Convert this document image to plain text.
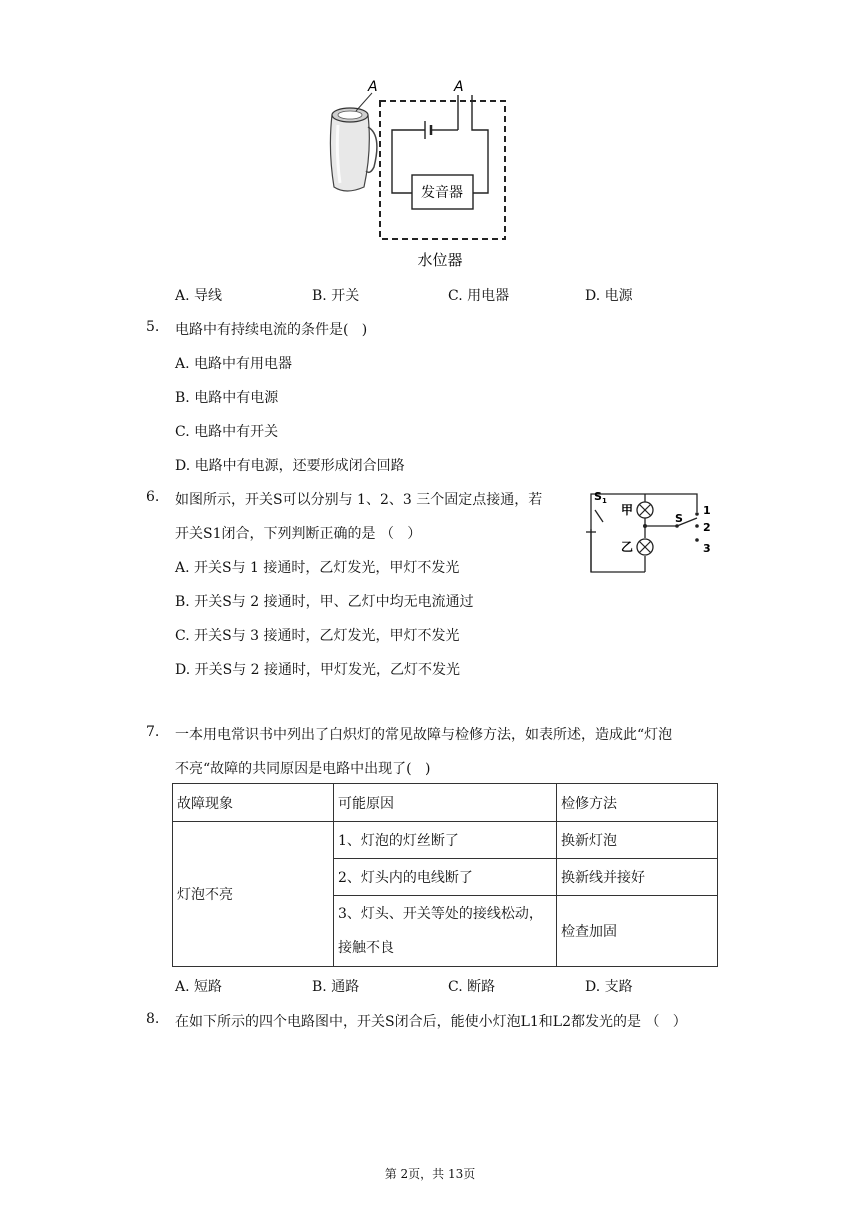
A	A
发音器
水位器
A. 导线	B. 开关	C. 用电器	D. 电源
5. 电路中有持续电流的条件是(   )
A. 电路中有用电器
B. 电路中有电源
C. 电路中有开关
D. 电路中有电源，还要形成闭合回路
6. 如图所示，开关S可以分别与 1、2、3 三个固定点接通，若
开关S1闭合，下列判断正确的是 （   ）
A. 开关S与 1 接通时，乙灯发光，甲灯不发光
B. 开关S与 2 接通时，甲、乙灯中均无电流通过
C. 开关S与 3 接通时，乙灯发光，甲灯不发光
D. 开关S与 2 接通时，甲灯发光，乙灯不发光
$S_1$
甲
乙
S
1
2
3
7. 一本用电常识书中列出了白炽灯的常见故障与检修方法，如表所述，造成此“灯泡
不亮“故障的共同原因是电路中出现了(   )
故障现象	可能原因	检修方法
灯泡不亮	1、灯泡的灯丝断了	换新灯泡
	2、灯头内的电线断了	换新线并接好
	3、灯头、开关等处的接线松动，
接触不良	检查加固
A. 短路	B. 通路	C. 断路	D. 支路
8. 在如下所示的四个电路图中，开关S闭合后，能使小灯泡L1和L2都发光的是 （   ）
第 2页，共 13页
